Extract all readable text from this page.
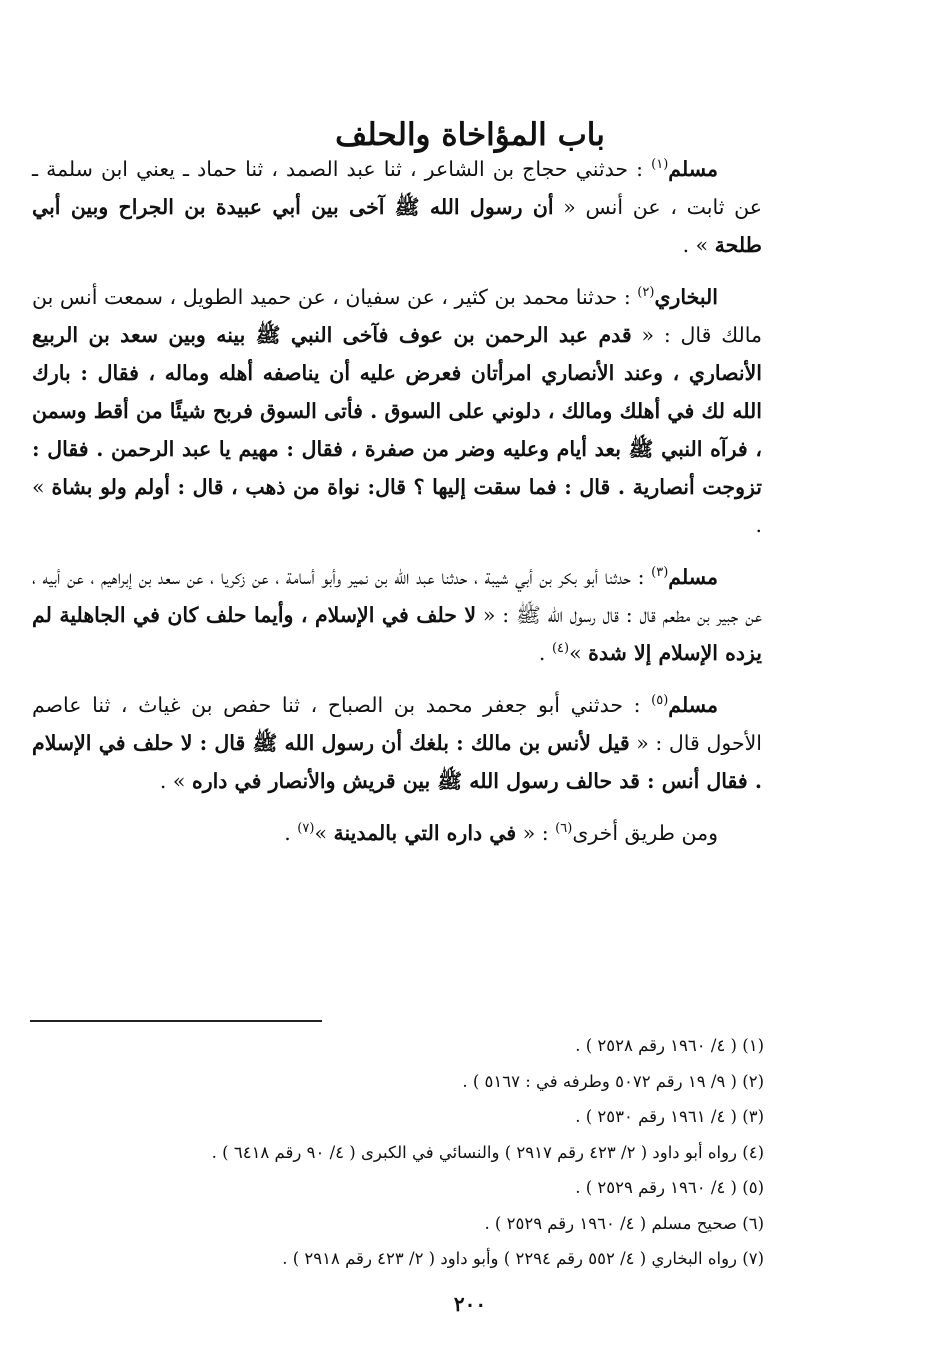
باب المؤاخاة والحلف

مسلم$^{(١)}$ : حدثني حجاج بن الشاعر ، ثنا عبد الصمد ، ثنا حماد ـ يعني ابن سلمة ـ عن ثابت ، عن أنس « أن رسول الله ﷺ آخى بين أبي عبيدة بن الجراح وبين أبي طلحة » .

البخاري$^{(٢)}$ : حدثنا محمد بن كثير ، عن سفيان ، عن حميد الطويل ، سمعت أنس بن مالك قال : « قدم عبد الرحمن بن عوف فآخى النبي ﷺ بينه وبين سعد بن الربيع الأنصاري ، وعند الأنصاري امرأتان فعرض عليه أن يناصفه أهله وماله ، فقال : بارك الله لك في أهلك ومالك ، دلوني على السوق . فأتى السوق فربح شيئًا من أقط وسمن ، فرآه النبي ﷺ بعد أيام وعليه وضر من صفرة ، فقال : مهيم يا عبد الرحمن . فقال : تزوجت أنصارية . قال : فما سقت إليها ؟ قال: نواة من ذهب ، قال : أولم ولو بشاة » .

مسلم$^{(٣)}$ : حدثنا أبو بكر بن أبي شيبة ، حدثنا عبد الله بن نمير وأبو أسامة ، عن زكريا ، عن سعد بن إبراهيم ، عن أبيه ، عن جبير بن مطعم قال : قال رسول الله ﷺ : « لا حلف في الإسلام ، وأيما حلف كان في الجاهلية لم يزده الإسلام إلا شدة »$^{(٤)}$ .

مسلم$^{(٥)}$ : حدثني أبو جعفر محمد بن الصباح ، ثنا حفص بن غياث ، ثنا عاصم الأحول قال : « قيل لأنس بن مالك : بلغك أن رسول الله ﷺ قال : لا حلف في الإسلام . فقال أنس : قد حالف رسول الله ﷺ بين قريش والأنصار في داره » .

ومن طريق أخرى$^{(٦)}$ : « في داره التي بالمدينة »$^{(٧)}$ .

(١) ( ٤/ ١٩٦٠ رقم ٢٥٢٨ ) .
(٢) ( ٩/ ١٩ رقم ٥٠٧٢ وطرفه في : ٥١٦٧ ) .
(٣) ( ٤/ ١٩٦١ رقم ٢٥٣٠ ) .
(٤) رواه أبو داود ( ٢/ ٤٢٣ رقم ٢٩١٧ ) والنسائي في الكبرى ( ٤/ ٩٠ رقم ٦٤١٨ ) .
(٥) ( ٤/ ١٩٦٠ رقم ٢٥٢٩ ) .
(٦) صحيح مسلم ( ٤/ ١٩٦٠ رقم ٢٥٢٩ ) .
(٧) رواه البخاري ( ٤/ ٥٥٢ رقم ٢٢٩٤ ) وأبو داود ( ٢/ ٤٢٣ رقم ٢٩١٨ ) .
٢٠٠
